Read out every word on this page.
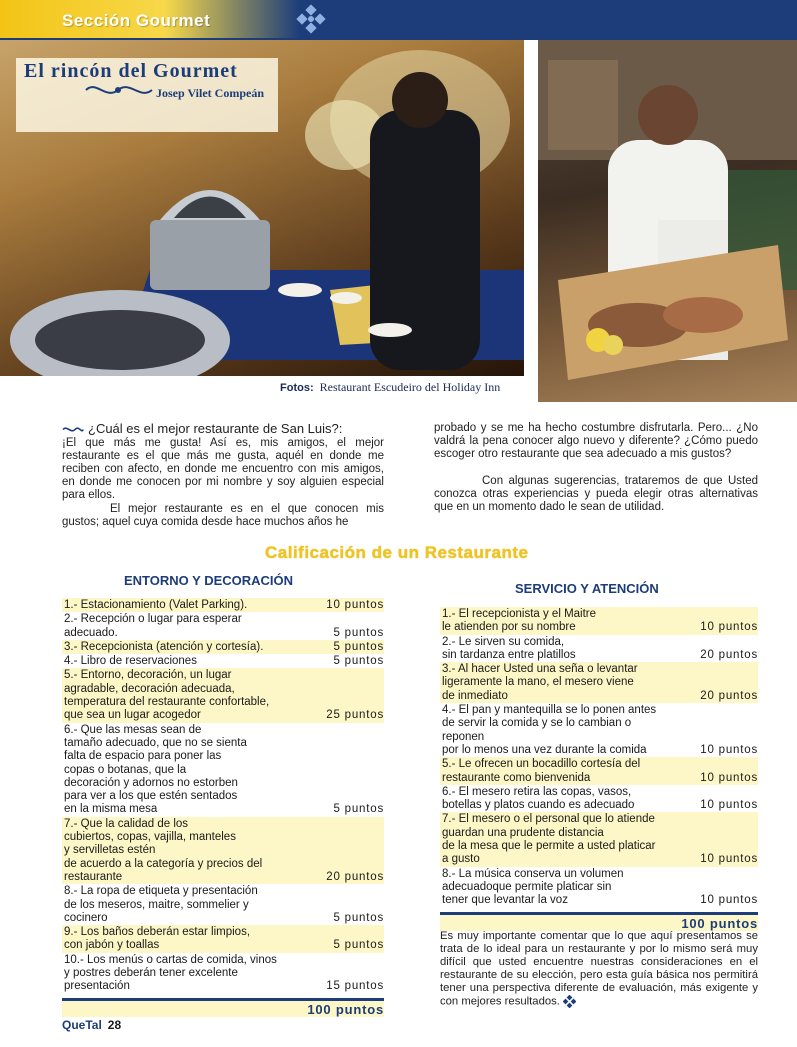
Sección Gourmet
El rincón del Gourmet
Josep Vilet Compeán
Fotos: Restaurant Escudeiro del Holiday Inn
¿Cuál es el mejor restaurante de San Luis?:

¡El que más me gusta! Así es, mis amigos, el mejor restaurante es el que más me gusta, aquél en donde me reciben con afecto, en donde me encuentro con mis amigos, en donde me conocen por mi nombre y soy alguien especial para ellos.

El mejor restaurante es en el que conocen mis gustos; aquel cuya comida desde hace muchos años he

probado y se me ha hecho costumbre disfrutarla. Pero... ¿No valdrá la pena conocer algo nuevo y diferente? ¿Cómo puedo escoger otro restaurante que sea adecuado a mis gustos?

Con algunas sugerencias, trataremos de que Usted conozca otras experiencias y pueda elegir otras alternativas que en un momento dado le sean de utilidad.

Calificación de un Restaurante
ENTORNO Y DECORACIÓN
SERVICIO Y ATENCIÓN
1.- Estacionamiento (Valet Parking).	10 puntos
2.- Recepción o lugar para esperar
adecuado.	5 puntos
3.- Recepcionista (atención y cortesía).	5 puntos
4.- Libro de reservaciones	5 puntos
5.- Entorno, decoración, un lugar
agradable, decoración adecuada,
temperatura del restaurante confortable,
que sea un lugar acogedor	25 puntos
6.- Que las mesas sean de
tamaño adecuado, que no se sienta
falta de espacio para poner las
copas o botanas, que la
decoración y adornos no estorben
para ver a los que estén sentados
en la misma mesa	5 puntos
7.- Que la calidad de los
cubiertos, copas, vajilla, manteles
y servilletas estén
de acuerdo a la categoría y precios del
restaurante	20 puntos
8.- La ropa de etiqueta y presentación
de los meseros, maitre, sommelier y
cocinero	5 puntos
9.- Los baños deberán estar limpios,
con jabón y toallas	5 puntos
10.- Los menús o cartas de comida, vinos
y postres deberán tener excelente
presentación	15 puntos
100 puntos
1.- El recepcionista y el Maitre
le atienden por su nombre	10 puntos
2.- Le sirven su comida,
sin tardanza entre platillos	20 puntos
3.- Al hacer Usted una seña o levantar
ligeramente la mano, el mesero viene
de inmediato	20 puntos
4.- El pan y mantequilla se lo ponen antes
de servir la comida y se lo cambian o reponen
por lo menos una vez durante la comida	10 puntos
5.- Le ofrecen un bocadillo cortesía del
restaurante como bienvenida	10 puntos
6.- El mesero retira las copas, vasos,
botellas y platos cuando es adecuado	10 puntos
7.- El mesero o el personal que lo atiende
guardan una prudente distancia
de la mesa que le permite a usted platicar
a gusto	10 puntos
8.- La música conserva un volumen
adecuadoque permite platicar sin
tener que levantar la voz	10 puntos
100 puntos
Es muy importante comentar que lo que aquí presentamos se trata de lo ideal para un restaurante y por lo mismo será muy difícil que usted encuentre nuestras consideraciones en el restaurante de su elección, pero esta guía básica nos permitirá tener una perspectiva diferente de evaluación, más exigente y con mejores resultados.
QueTal 28
